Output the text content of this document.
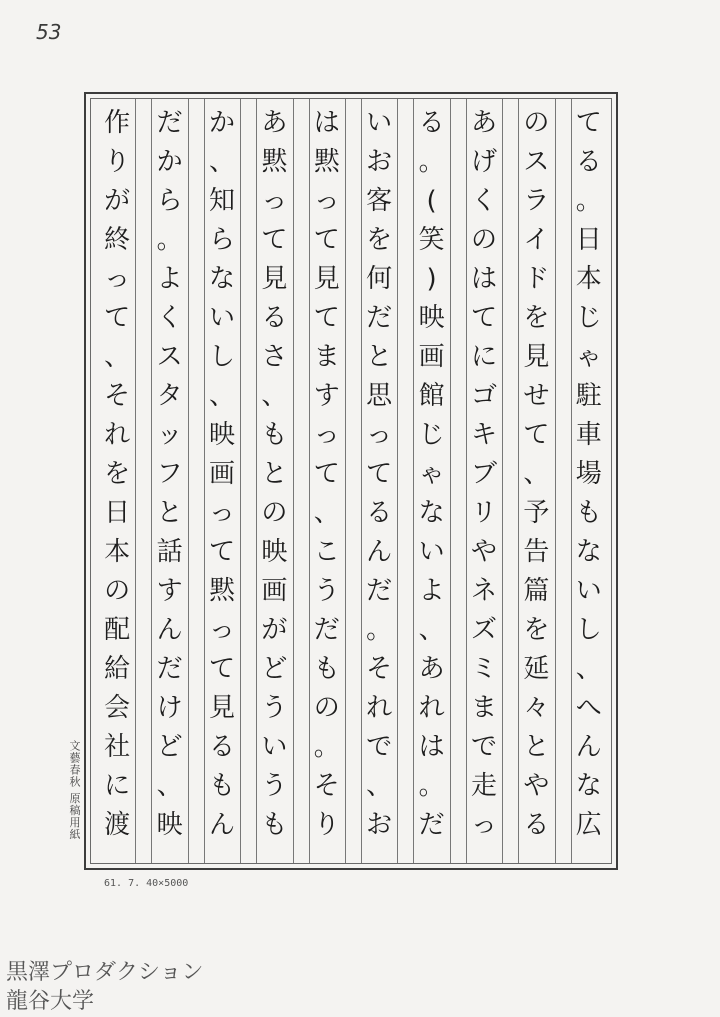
53
て
る
。
日
本
じ
ゃ
駐
車
場
も
な
い
し
、
へ
ん
な
広
の
ス
ラ
イ
ド
を
見
せ
て
、
予
告
篇
を
延
々
と
や
る
あ
げ
く
の
は
て
に
ゴ
キ
ブ
リ
や
ネ
ズ
ミ
ま
で
走
っ
る
。
(
笑
)
映
画
館
じ
ゃ
な
い
よ
、
あ
れ
は
。
だ
い
お
客
を
何
だ
と
思
っ
て
る
ん
だ
。
そ
れ
で
、
お
は
黙
っ
て
見
て
ま
す
っ
て
、
こ
う
だ
も
の
。
そ
り
あ
黙
っ
て
見
る
さ
、
も
と
の
映
画
が
ど
う
い
う
も
か
、
知
ら
な
い
し
、
映
画
っ
て
黙
っ
て
見
る
も
ん
だ
か
ら
。
よ
く
ス
タ
ッ
フ
と
話
す
ん
だ
け
ど
、
映
作
り
が
終
っ
て
、
そ
れ
を
日
本
の
配
給
会
社
に
渡
文藝春秋 原稿用紙
61. 7. 40×5000
黒澤プロダクション
龍谷大学
